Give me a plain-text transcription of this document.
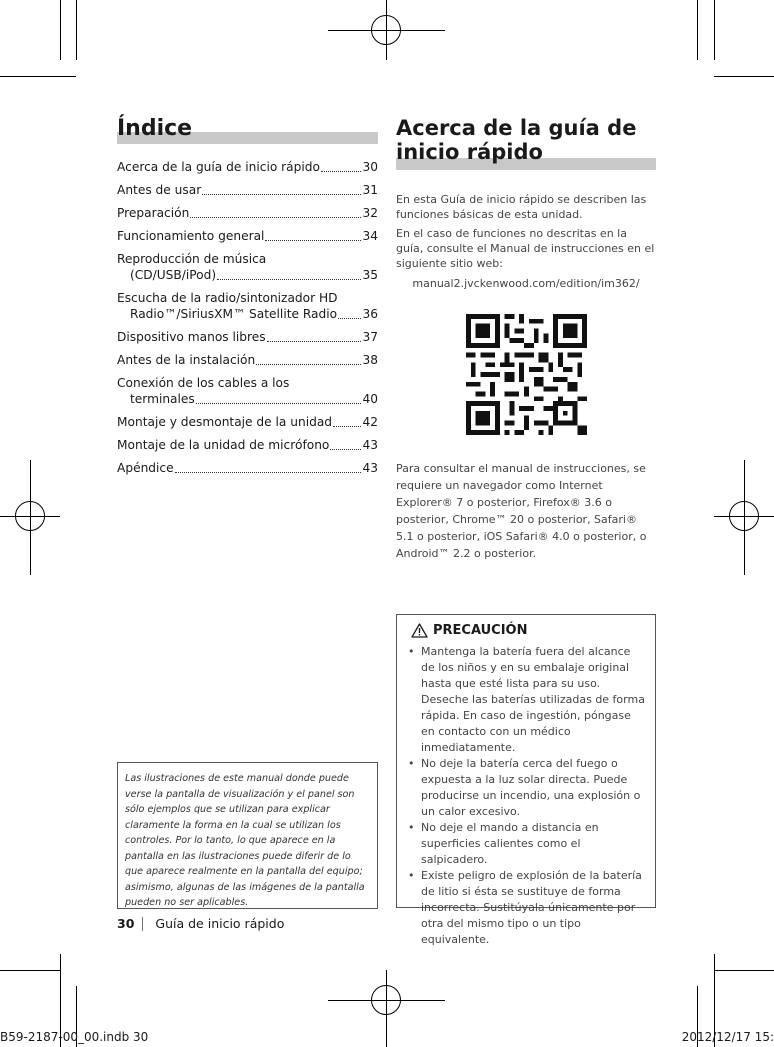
Índice
Acerca de la guía de inicio rápido	30
Antes de usar	31
Preparación	32
Funcionamiento general	34
Reproducción de música
(CD/USB/iPod)	35
Escucha de la radio/sintonizador HD
Radio™/SiriusXM™ Satellite Radio 36
Dispositivo manos libres	37
Antes de la instalación	38
Conexión de los cables a los
terminales	40
Montaje y desmontaje de la unidad 42
Montaje de la unidad de micrófono	43
Apéndice	43

Las ilustraciones de este manual donde puede verse la pantalla de visualización y el panel son sólo ejemplos que se utilizan para explicar claramente la forma en la cual se utilizan los controles. Por lo tanto, lo que aparece en la pantalla en las ilustraciones puede diferir de lo que aparece realmente en la pantalla del equipo; asimismo, algunas de las imágenes de la pantalla pueden no ser aplicables.

30 Guía de inicio rápido
Acerca de la guía de
inicio rápido

En esta Guía de inicio rápido se describen las funciones básicas de esta unidad.

En el caso de funciones no descritas en la guía, consulte el Manual de instrucciones en el siguiente sitio web:

manual2.jvckenwood.com/edition/im362/

Para consultar el manual de instrucciones, se requiere un navegador como Internet Explorer® 7 o posterior, Firefox® 3.6 o posterior, Chrome™ 20 o posterior, Safari® 5.1 o posterior, iOS Safari® 4.0 o posterior, o Android™ 2.2 o posterior.

PRECAUCIÓN
• Mantenga la batería fuera del alcance de los niños y en su embalaje original hasta que esté lista para su uso. Deseche las baterías utilizadas de forma rápida. En caso de ingestión, póngase en contacto con un médico inmediatamente.
• No deje la batería cerca del fuego o expuesta a la luz solar directa. Puede producirse un incendio, una explosión o un calor excesivo.
• No deje el mando a distancia en superficies calientes como el salpicadero.
• Existe peligro de explosión de la batería de litio si ésta se sustituye de forma incorrecta. Sustitúyala únicamente por otra del mismo tipo o un tipo equivalente.
B59-2187-00_00.indb 30	2012/12/17 15:
